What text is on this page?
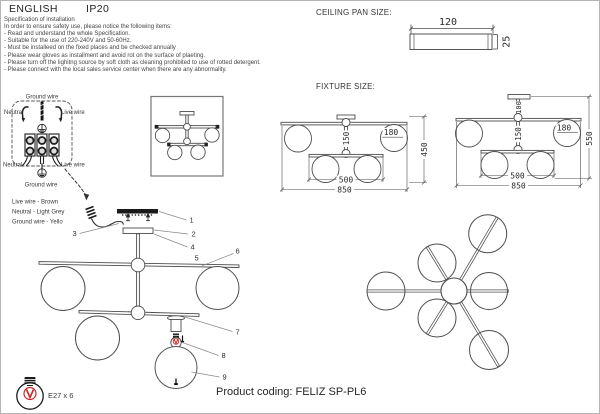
ENGLISH	IP20
Specification of installation
In order to ensure safety use, please notice the following items:
- Read and understand the whole Specification.
- Suitable for the use of 220-240V and 50-60Hz.
- Must be installeed on the fixed places and be checked annually
- Please wear gloves as installment and avoid rot on the surface of plaeting.
- Please turn off the lighitng source by soft cloth as cleaning prohibited to use of rotted detergent.
- Please connect with the local sales service center when there are any abnormality.
CEILING PAN SIZE:
FIXTURE SIZE:
Product coding: FELIZ SP-PL6
Ground wire
Neutral	Live wire
Neutral	Live wire
Ground wire
Live wire - Brown
Neutral - Light Grey
Ground wire - Yello	1
2
3
4
5
6
7
8
9
E27 x 6
120
25
180
150
500
850
450
100
180
150
500
850
550
